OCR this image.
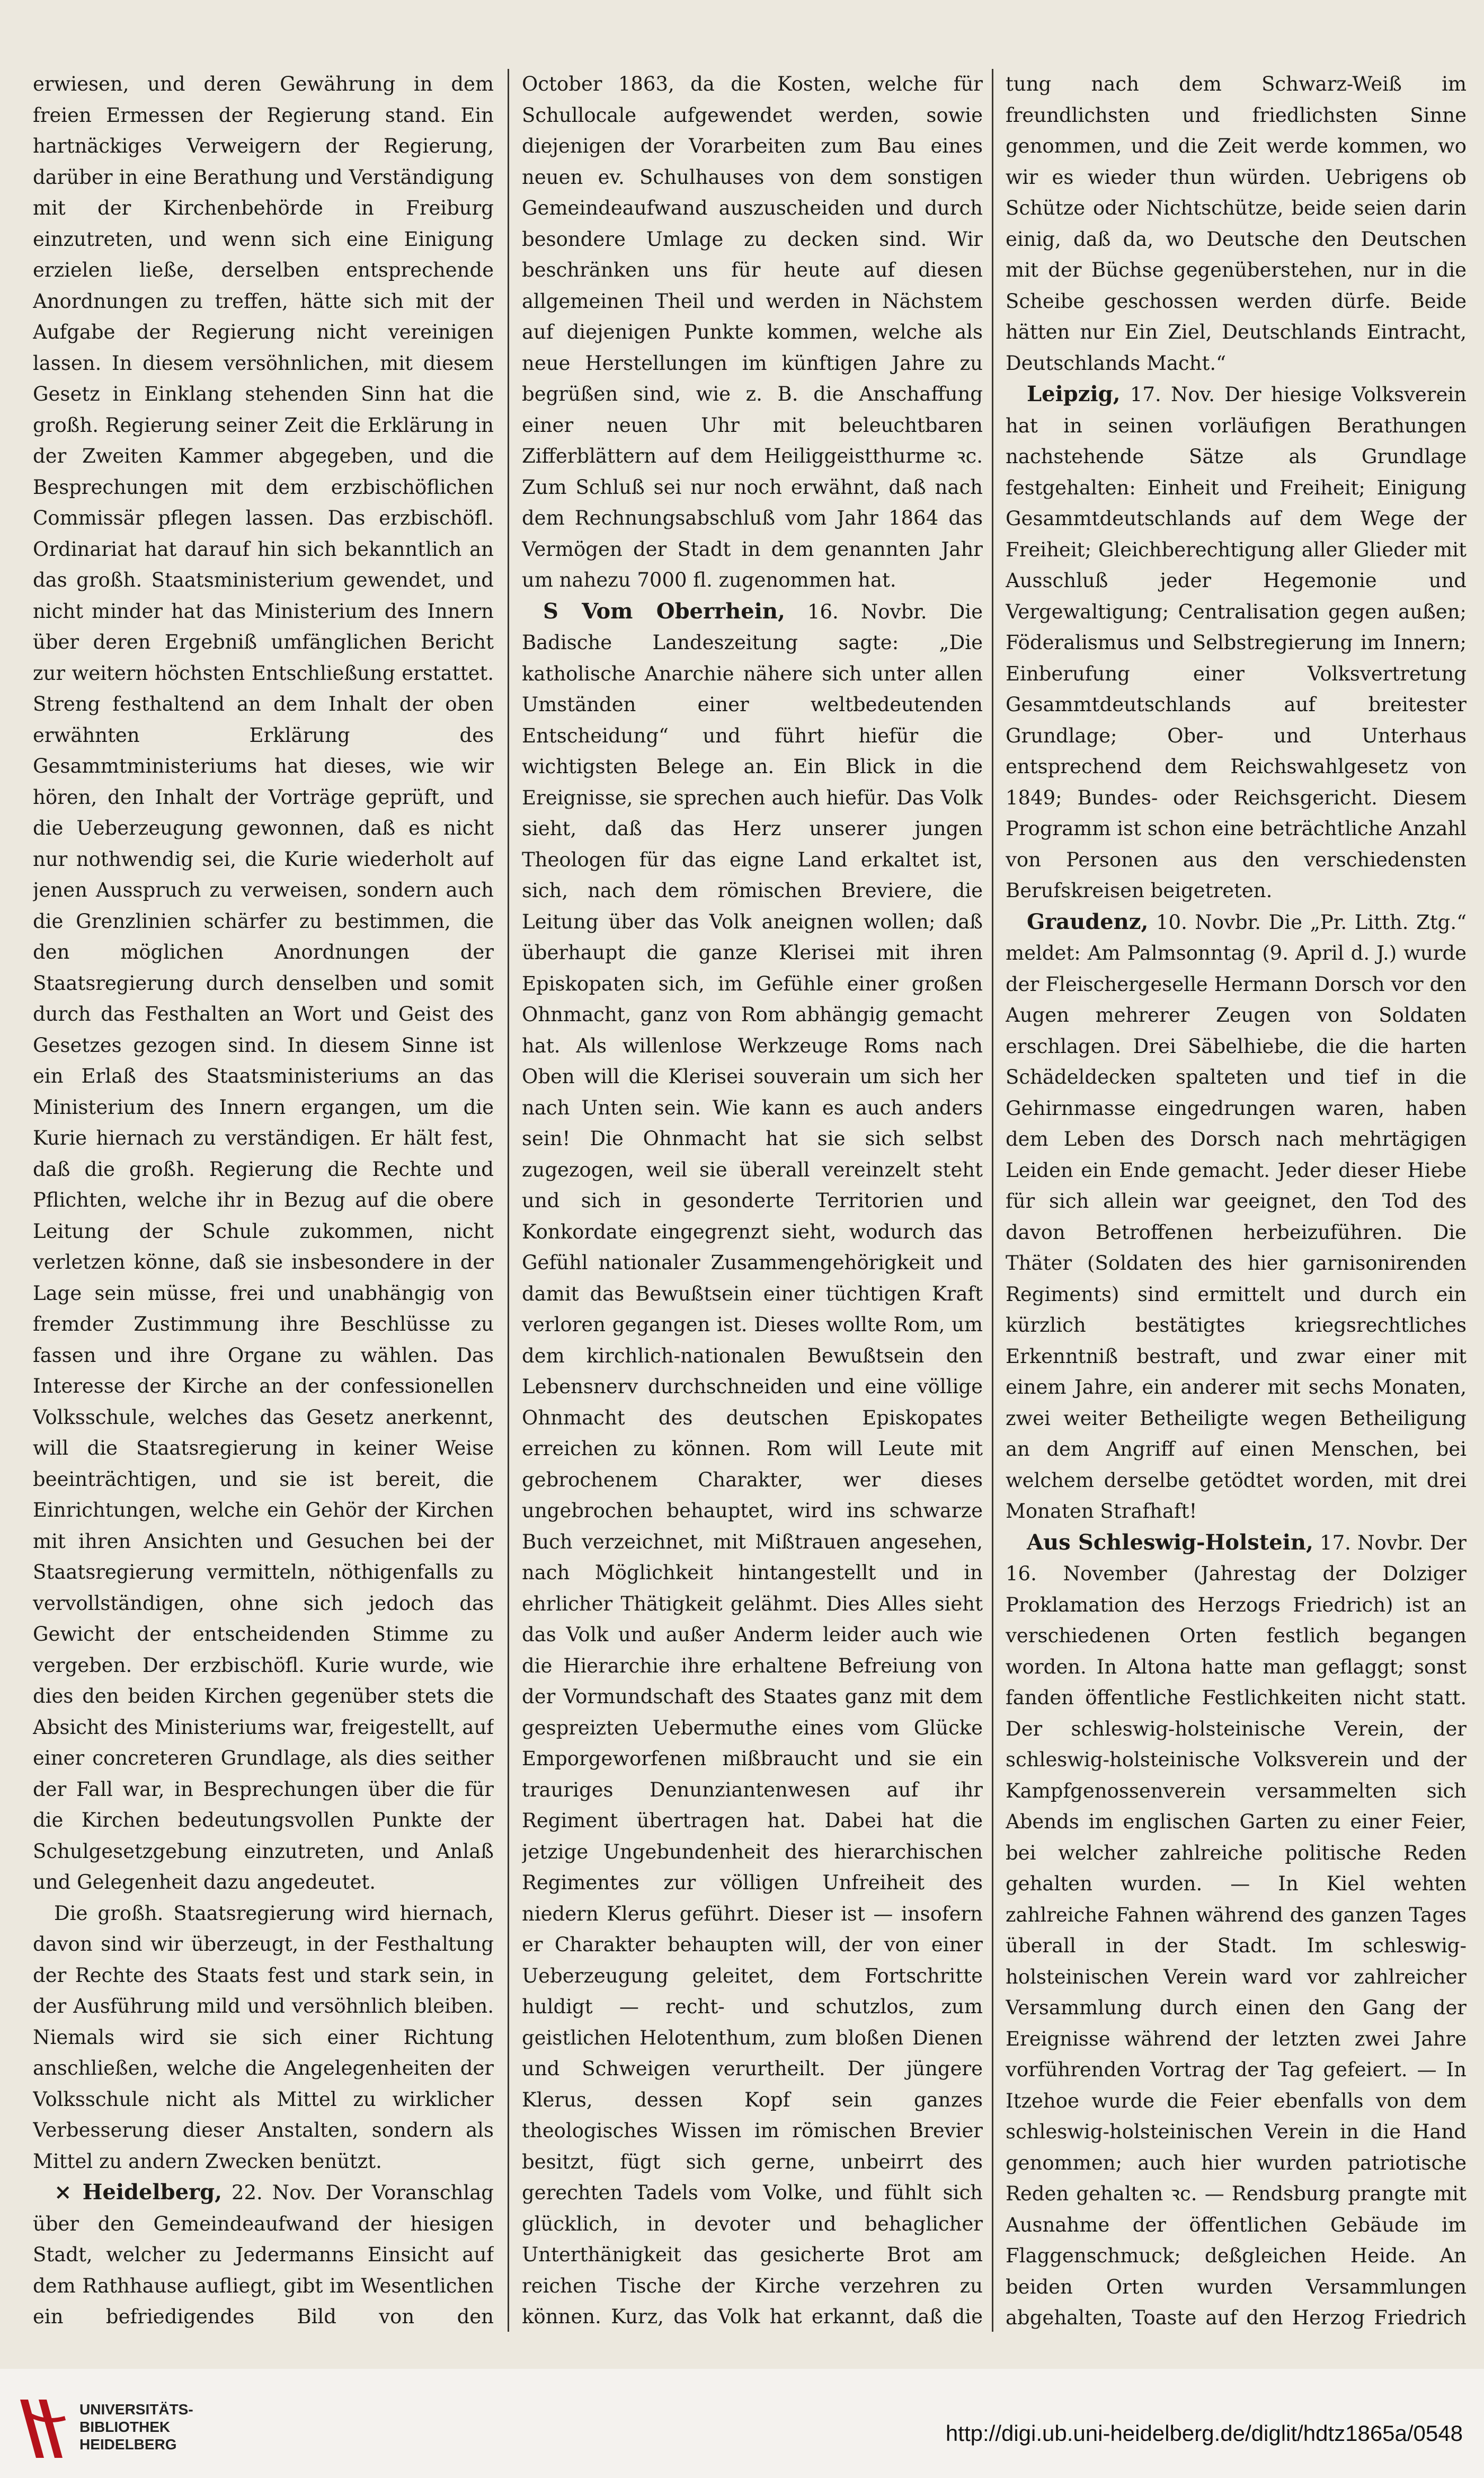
erwiesen, und deren Gewährung in dem freien Ermessen der Regierung stand. Ein hartnäckiges Verweigern der Regierung, darüber in eine Berathung und Verständigung mit der Kirchenbehörde in Freiburg einzutreten, und wenn sich eine Einigung erzielen ließe, derselben entsprechende Anordnungen zu treffen, hätte sich mit der Aufgabe der Regierung nicht vereinigen lassen. In diesem versöhnlichen, mit diesem Gesetz in Einklang stehenden Sinn hat die großh. Regierung seiner Zeit die Erklärung in der Zweiten Kammer abgegeben, und die Besprechungen mit dem erzbischöflichen Commissär pflegen lassen. Das erzbischöfl. Ordinariat hat darauf hin sich bekanntlich an das großh. Staatsministerium gewendet, und nicht minder hat das Ministerium des Innern über deren Ergebniß umfänglichen Bericht zur weitern höchsten Entschließung erstattet. Streng festhaltend an dem Inhalt der oben erwähnten Erklärung des Gesammtministeriums hat dieses, wie wir hören, den Inhalt der Vorträge geprüft, und die Ueberzeugung gewonnen, daß es nicht nur nothwendig sei, die Kurie wiederholt auf jenen Ausspruch zu verweisen, sondern auch die Grenzlinien schärfer zu bestimmen, die den möglichen Anordnungen der Staatsregierung durch denselben und somit durch das Festhalten an Wort und Geist des Gesetzes gezogen sind. In diesem Sinne ist ein Erlaß des Staatsministeriums an das Ministerium des Innern ergangen, um die Kurie hiernach zu verständigen. Er hält fest, daß die großh. Regierung die Rechte und Pflichten, welche ihr in Bezug auf die obere Leitung der Schule zukommen, nicht verletzen könne, daß sie insbesondere in der Lage sein müsse, frei und unabhängig von fremder Zustimmung ihre Beschlüsse zu fassen und ihre Organe zu wählen. Das Interesse der Kirche an der confessionellen Volksschule, welches das Gesetz anerkennt, will die Staatsregierung in keiner Weise beeinträchtigen, und sie ist bereit, die Einrichtungen, welche ein Gehör der Kirchen mit ihren Ansichten und Gesuchen bei der Staatsregierung vermitteln, nöthigenfalls zu vervollständigen, ohne sich jedoch das Gewicht der entscheidenden Stimme zu vergeben. Der erzbischöfl. Kurie wurde, wie dies den beiden Kirchen gegenüber stets die Absicht des Ministeriums war, freigestellt, auf einer concreteren Grundlage, als dies seither der Fall war, in Besprechungen über die für die Kirchen bedeutungsvollen Punkte der Schulgesetzgebung einzutreten, und Anlaß und Gelegenheit dazu angedeutet.

Die großh. Staatsregierung wird hiernach, davon sind wir überzeugt, in der Festhaltung der Rechte des Staats fest und stark sein, in der Ausführung mild und versöhnlich bleiben. Niemals wird sie sich einer Richtung anschließen, welche die Angelegenheiten der Volksschule nicht als Mittel zu wirklicher Verbesserung dieser Anstalten, sondern als Mittel zu andern Zwecken benützt.

× Heidelberg, 22. Nov. Der Voranschlag über den Gemeindeaufwand der hiesigen Stadt, welcher zu Jedermanns Einsicht auf dem Rathhause aufliegt, gibt im Wesentlichen ein befriedigendes Bild von den

October 1863, da die Kosten, welche für Schullocale aufgewendet werden, sowie diejenigen der Vorarbeiten zum Bau eines neuen ev. Schulhauses von dem sonstigen Gemeindeaufwand auszuscheiden und durch besondere Umlage zu decken sind. Wir beschränken uns für heute auf diesen allgemeinen Theil und werden in Nächstem auf diejenigen Punkte kommen, welche als neue Herstellungen im künftigen Jahre zu begrüßen sind, wie z. B. die Anschaffung einer neuen Uhr mit beleuchtbaren Zifferblättern auf dem Heiliggeistthurme ꝛc. Zum Schluß sei nur noch erwähnt, daß nach dem Rechnungsabschluß vom Jahr 1864 das Vermögen der Stadt in dem genannten Jahr um nahezu 7000 fl. zugenommen hat.

S Vom Oberrhein, 16. Novbr. Die Badische Landeszeitung sagte: „Die katholische Anarchie nähere sich unter allen Umständen einer weltbedeutenden Entscheidung“ und führt hiefür die wichtigsten Belege an. Ein Blick in die Ereignisse, sie sprechen auch hiefür. Das Volk sieht, daß das Herz unserer jungen Theologen für das eigne Land erkaltet ist, sich, nach dem römischen Breviere, die Leitung über das Volk aneignen wollen; daß überhaupt die ganze Klerisei mit ihren Episkopaten sich, im Gefühle einer großen Ohnmacht, ganz von Rom abhängig gemacht hat. Als willenlose Werkzeuge Roms nach Oben will die Klerisei souverain um sich her nach Unten sein. Wie kann es auch anders sein! Die Ohnmacht hat sie sich selbst zugezogen, weil sie überall vereinzelt steht und sich in gesonderte Territorien und Konkordate eingegrenzt sieht, wodurch das Gefühl nationaler Zusammengehörigkeit und damit das Bewußtsein einer tüchtigen Kraft verloren gegangen ist. Dieses wollte Rom, um dem kirchlich-nationalen Bewußtsein den Lebensnerv durchschneiden und eine völlige Ohnmacht des deutschen Episkopates erreichen zu können. Rom will Leute mit gebrochenem Charakter, wer dieses ungebrochen behauptet, wird ins schwarze Buch verzeichnet, mit Mißtrauen angesehen, nach Möglichkeit hintangestellt und in ehrlicher Thätigkeit gelähmt. Dies Alles sieht das Volk und außer Anderm leider auch wie die Hierarchie ihre erhaltene Befreiung von der Vormundschaft des Staates ganz mit dem gespreizten Uebermuthe eines vom Glücke Emporgeworfenen mißbraucht und sie ein trauriges Denunziantenwesen auf ihr Regiment übertragen hat. Dabei hat die jetzige Ungebundenheit des hierarchischen Regimentes zur völligen Unfreiheit des niedern Klerus geführt. Dieser ist — insofern er Charakter behaupten will, der von einer Ueberzeugung geleitet, dem Fortschritte huldigt — recht- und schutzlos, zum geistlichen Helotenthum, zum bloßen Dienen und Schweigen verurtheilt. Der jüngere Klerus, dessen Kopf sein ganzes theologisches Wissen im römischen Brevier besitzt, fügt sich gerne, unbeirrt des gerechten Tadels vom Volke, und fühlt sich glücklich, in devoter und behaglicher Unterthänigkeit das gesicherte Brot am reichen Tische der Kirche verzehren zu können. Kurz, das Volk hat erkannt, daß die

tung nach dem Schwarz-Weiß im freundlichsten und friedlichsten Sinne genommen, und die Zeit werde kommen, wo wir es wieder thun würden. Uebrigens ob Schütze oder Nichtschütze, beide seien darin einig, daß da, wo Deutsche den Deutschen mit der Büchse gegenüberstehen, nur in die Scheibe geschossen werden dürfe. Beide hätten nur Ein Ziel, Deutschlands Eintracht, Deutschlands Macht.“

Leipzig, 17. Nov. Der hiesige Volksverein hat in seinen vorläufigen Berathungen nachstehende Sätze als Grundlage festgehalten: Einheit und Freiheit; Einigung Gesammtdeutschlands auf dem Wege der Freiheit; Gleichberechtigung aller Glieder mit Ausschluß jeder Hegemonie und Vergewaltigung; Centralisation gegen außen; Föderalismus und Selbstregierung im Innern; Einberufung einer Volksvertretung Gesammtdeutschlands auf breitester Grundlage; Ober- und Unterhaus entsprechend dem Reichswahlgesetz von 1849; Bundes- oder Reichsgericht. Diesem Programm ist schon eine beträchtliche Anzahl von Personen aus den verschiedensten Berufskreisen beigetreten.

Graudenz, 10. Novbr. Die „Pr. Litth. Ztg.“ meldet: Am Palmsonntag (9. April d. J.) wurde der Fleischergeselle Hermann Dorsch vor den Augen mehrerer Zeugen von Soldaten erschlagen. Drei Säbelhiebe, die die harten Schädeldecken spalteten und tief in die Gehirnmasse eingedrungen waren, haben dem Leben des Dorsch nach mehrtägigen Leiden ein Ende gemacht. Jeder dieser Hiebe für sich allein war geeignet, den Tod des davon Betroffenen herbeizuführen. Die Thäter (Soldaten des hier garnisonirenden Regiments) sind ermittelt und durch ein kürzlich bestätigtes kriegsrechtliches Erkenntniß bestraft, und zwar einer mit einem Jahre, ein anderer mit sechs Monaten, zwei weiter Betheiligte wegen Betheiligung an dem Angriff auf einen Menschen, bei welchem derselbe getödtet worden, mit drei Monaten Strafhaft!

Aus Schleswig-Holstein, 17. Novbr. Der 16. November (Jahrestag der Dolziger Proklamation des Herzogs Friedrich) ist an verschiedenen Orten festlich begangen worden. In Altona hatte man geflaggt; sonst fanden öffentliche Festlichkeiten nicht statt. Der schleswig-holsteinische Verein, der schleswig-holsteinische Volksverein und der Kampfgenossenverein versammelten sich Abends im englischen Garten zu einer Feier, bei welcher zahlreiche politische Reden gehalten wurden. — In Kiel wehten zahlreiche Fahnen während des ganzen Tages überall in der Stadt. Im schleswig-holsteinischen Verein ward vor zahlreicher Versammlung durch einen den Gang der Ereignisse während der letzten zwei Jahre vorführenden Vortrag der Tag gefeiert. — In Itzehoe wurde die Feier ebenfalls von dem schleswig-holsteinischen Verein in die Hand genommen; auch hier wurden patriotische Reden gehalten ꝛc. — Rendsburg prangte mit Ausnahme der öffentlichen Gebäude im Flaggenschmuck; deßgleichen Heide. An beiden Orten wurden Versammlungen abgehalten, Toaste auf den Herzog Friedrich

UNIVERSITÄTS-
BIBLIOTHEK
HEIDELBERG	http://digi.ub.uni-heidelberg.de/diglit/hdtz1865a/0548
